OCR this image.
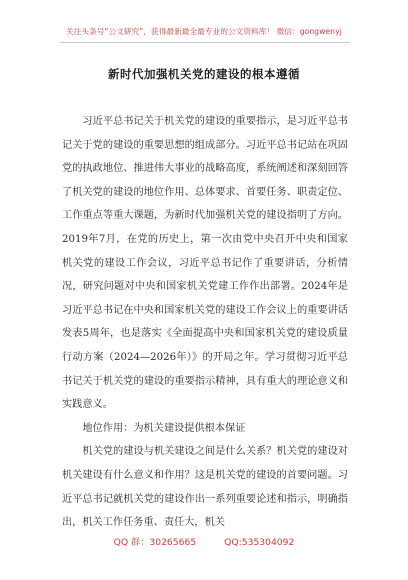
关注头条号“公文研究”，获得最新最全最专业的公文资料库！ 微信：gongwenyj
新时代加强机关党的建设的根本遵循

习近平总书记关于机关党的建设的重要指示，是习近平总书记关于党的建设的重要思想的组成部分。习近平总书记站在巩固党的执政地位、推进伟大事业的战略高度，系统阐述和深刻回答了机关党的建设的地位作用、总体要求、首要任务、职责定位、工作重点等重大课题，为新时代加强机关党的建设指明了方向。2019年7月，在党的历史上，第一次由党中央召开中央和国家机关党的建设工作会议，习近平总书记作了重要讲话，分析情况，研究问题对中央和国家机关党建工作作出部署。2024年是习近平总书记在中央和国家机关党的建设工作会议上的重要讲话发表5周年，也是落实《全面提高中央和国家机关党的建设质量行动方案（2024—2026年）》的开局之年。学习贯彻习近平总书记关于机关党的建设的重要指示精神，具有重大的理论意义和实践意义。

地位作用：为机关建设提供根本保证

机关党的建设与机关建设之间是什么关系？机关党的建设对机关建设有什么意义和作用？这是机关党的建设的首要问题。习近平总书记就机关党的建设作出一系列重要论述和指示，明确指出，机关工作任务重、责任大，机关

QQ 群：30265665	QQ:535304092
